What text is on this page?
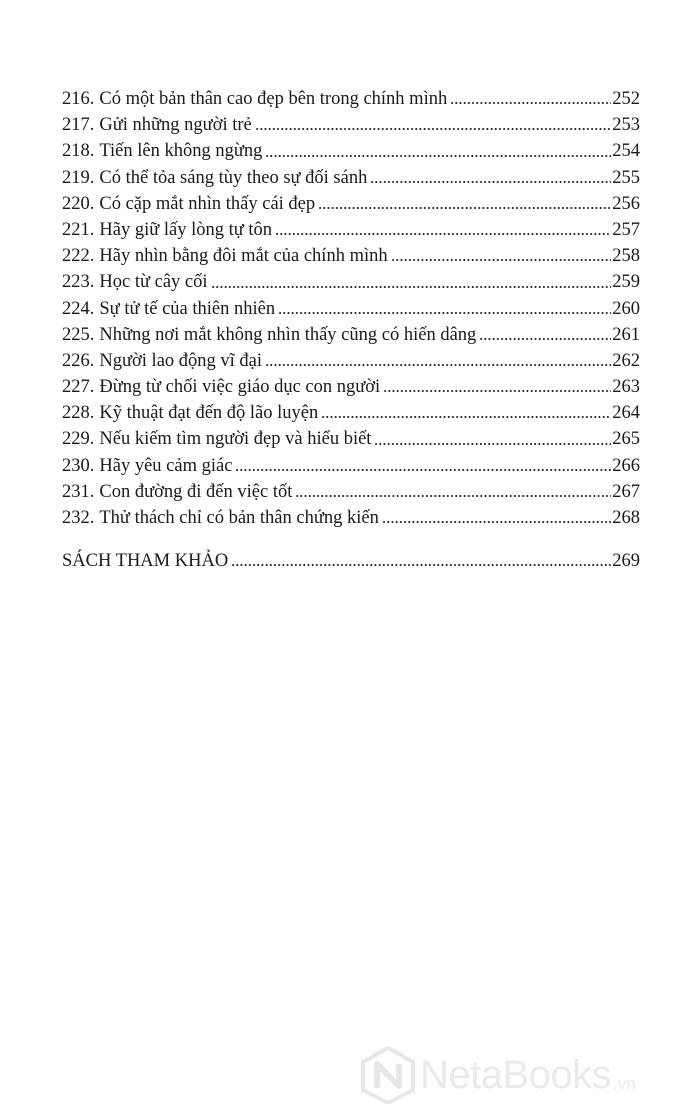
216. Có một bản thân cao đẹp bên trong chính mình	252
217. Gửi những người trẻ	253
218. Tiến lên không ngừng	254
219. Có thể tỏa sáng tùy theo sự đối sánh	255
220. Có cặp mắt nhìn thấy cái đẹp	256
221. Hãy giữ lấy lòng tự tôn	257
222. Hãy nhìn bằng đôi mắt của chính mình	258
223. Học từ cây cối	259
224. Sự tử tế của thiên nhiên	260
225. Những nơi mắt không nhìn thấy cũng có hiến dâng	261
226. Người lao động vĩ đại	262
227. Đừng từ chối việc giáo dục con người	263
228. Kỹ thuật đạt đến độ lão luyện	264
229. Nếu kiếm tìm người đẹp và hiểu biết	265
230. Hãy yêu cảm giác	266
231. Con đường đi đến việc tốt	267
232. Thử thách chỉ có bản thân chứng kiến	268
SÁCH THAM KHẢO	269
NetaBooks .vn
